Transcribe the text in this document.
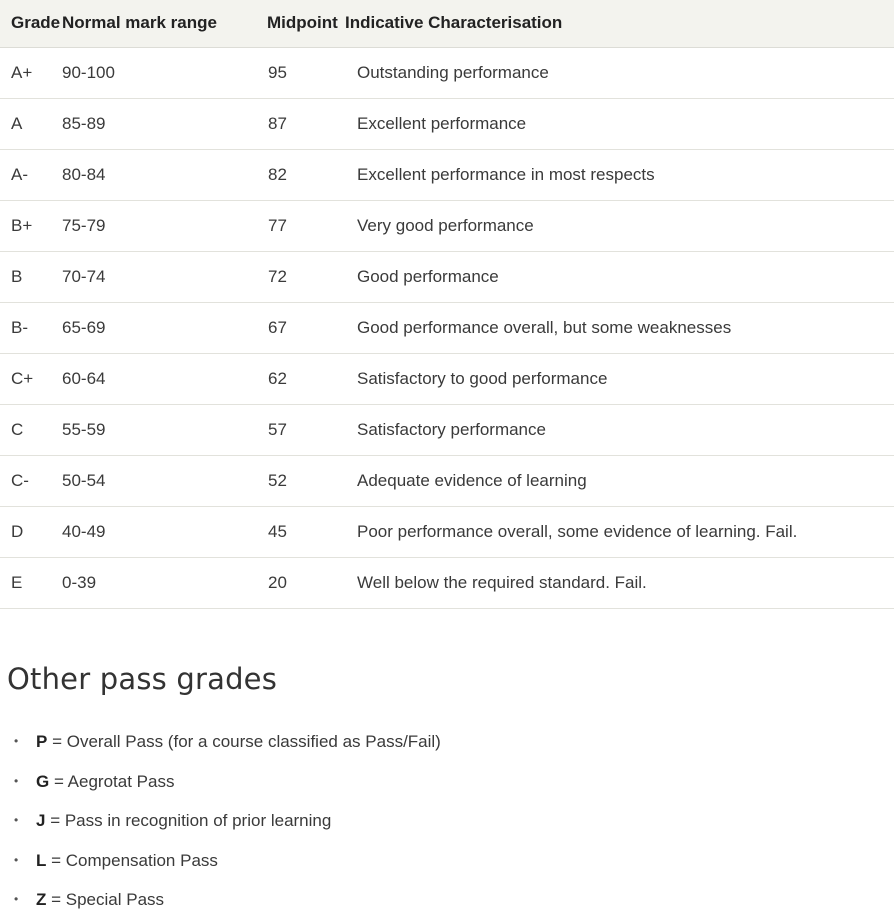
Grade	Normal mark range	Midpoint	Indicative Characterisation
A+	90-100	95	Outstanding performance
A	85-89	87	Excellent performance
A-	80-84	82	Excellent performance in most respects
B+	75-79	77	Very good performance
B	70-74	72	Good performance
B-	65-69	67	Good performance overall, but some weaknesses
C+	60-64	62	Satisfactory to good performance
C	55-59	57	Satisfactory performance
C-	50-54	52	Adequate evidence of learning
D	40-49	45	Poor performance overall, some evidence of learning. Fail.
E	0-39	20	Well below the required standard. Fail.
Other pass grades
• P = Overall Pass (for a course classified as Pass/Fail)
• G = Aegrotat Pass
• J = Pass in recognition of prior learning
• L = Compensation Pass
• Z = Special Pass
